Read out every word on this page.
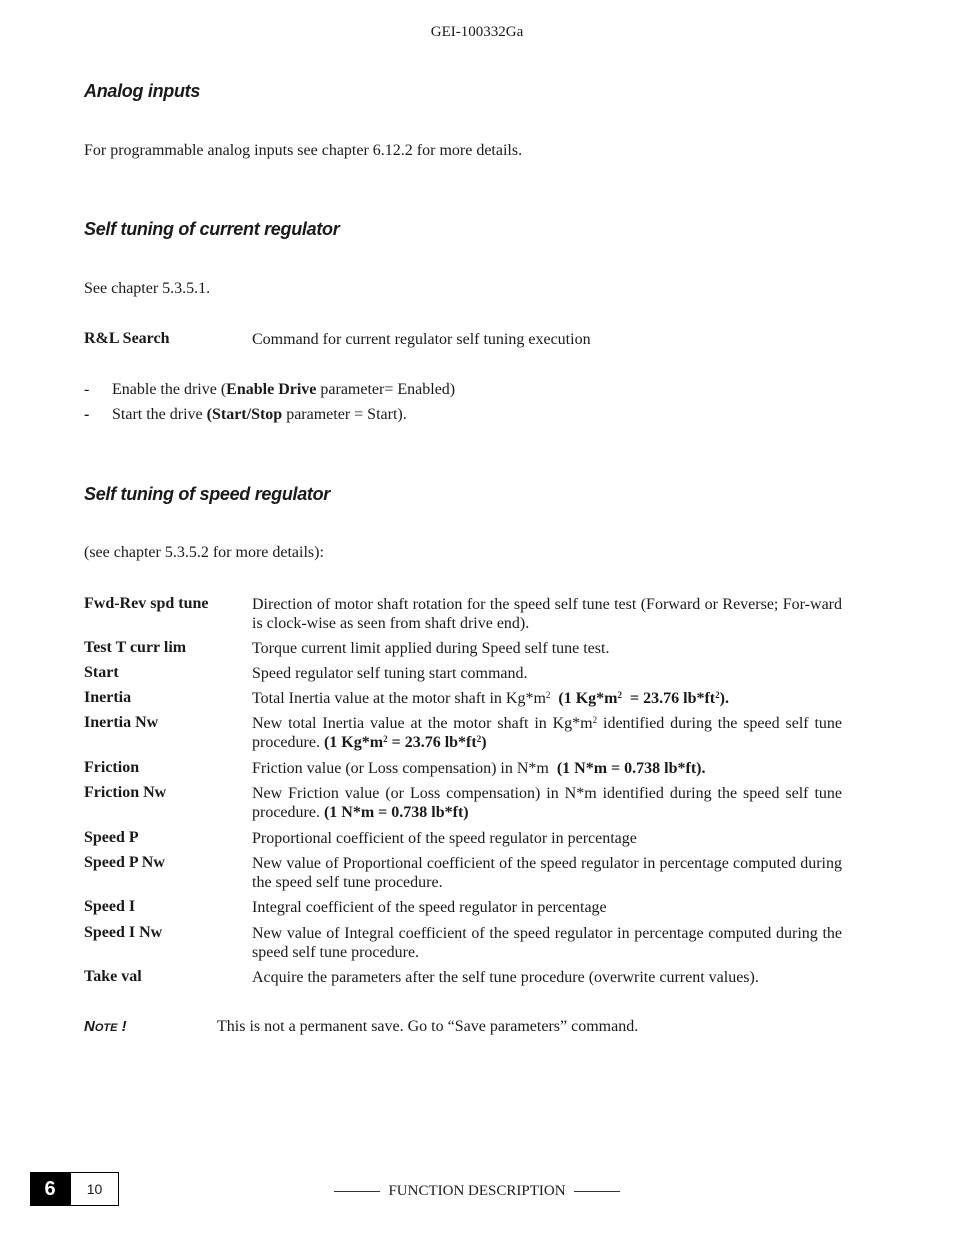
GEI-100332Ga
Analog inputs
For programmable analog inputs see chapter 6.12.2 for more details.
Self tuning of current regulator
See chapter 5.3.5.1.
R&L Search	Command for current regulator self tuning execution
- Enable the drive (Enable Drive parameter= Enabled)
- Start the drive (Start/Stop parameter = Start).
Self tuning of speed regulator
(see chapter 5.3.5.2 for more details):
Fwd-Rev spd tune	Direction of motor shaft rotation for the speed self tune test (Forward or Reverse; For-ward is clock-wise as seen from shaft drive end).
Test T curr lim	Torque current limit applied during Speed self tune test.
Start	Speed regulator self tuning start command.
Inertia	Total Inertia value at the motor shaft in $Kg*m^2$ (1 $Kg*m^2 = 23.76$ $lb*ft^2$).
Inertia Nw	New total Inertia value at the motor shaft in $Kg*m^2$ identified during the speed self tune procedure. (1 $Kg*m^2 = 23.76$ $lb*ft^2$)
Friction	Friction value (or Loss compensation) in N*m  (1 N*m = 0.738 lb*ft).
Friction Nw	New Friction value (or Loss compensation) in N*m identified during the speed self tune procedure. (1 N*m = 0.738 lb*ft)
Speed P	Proportional coefficient of the speed regulator in percentage
Speed P Nw	New value of Proportional coefficient of the speed regulator in percentage computed during the speed self tune procedure.
Speed I	Integral coefficient of the speed regulator in percentage
Speed I Nw	New value of Integral coefficient of the speed regulator in percentage computed during the speed self tune procedure.
Take val	Acquire the parameters after the self tune procedure (overwrite current values).
NOTE !	This is not a permanent save. Go to “Save parameters” command.
6	10	FUNCTION DESCRIPTION
